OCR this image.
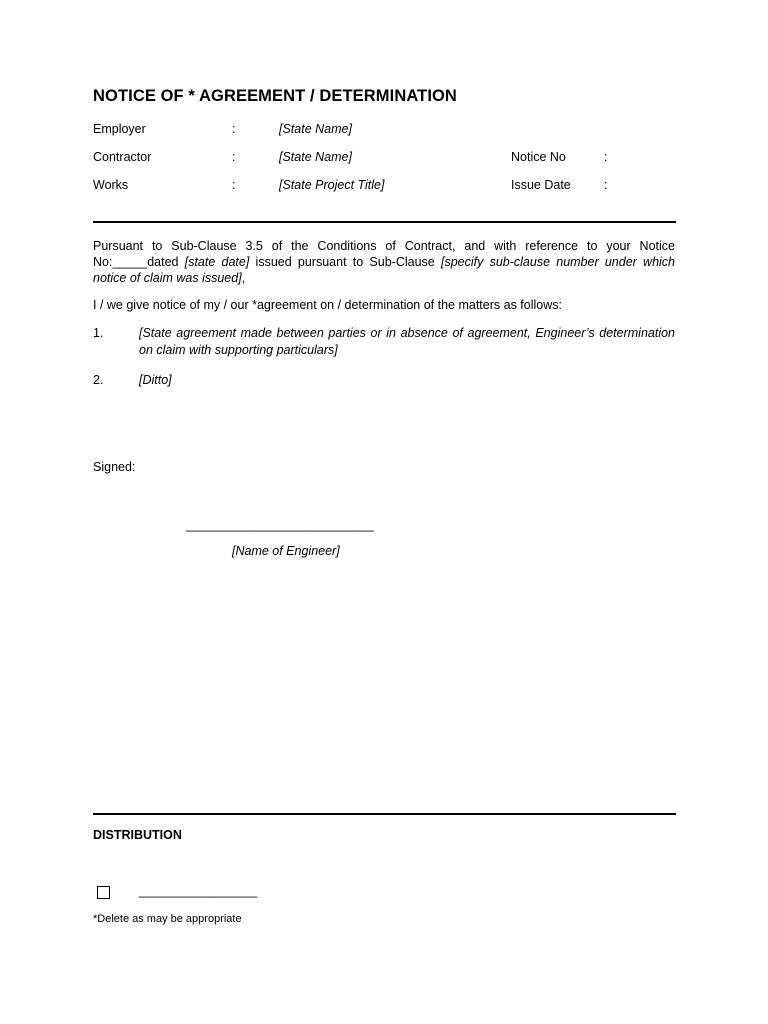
NOTICE OF * AGREEMENT / DETERMINATION
Employer	:	[State Name]
Contractor	:	[State Name]	Notice No	:
Works	:	[State Project Title]	Issue Date	:
Pursuant to Sub-Clause 3.5 of the Conditions of Contract, and with reference to your Notice No:_____dated [state date] issued pursuant to Sub-Clause [specify sub-clause number under which notice of claim was issued],
I / we give notice of my / our *agreement on / determination of the matters as follows:
1.	[State agreement made between parties or in absence of agreement, Engineer’s determination on claim with supporting particulars]
2.	[Ditto]
Signed:
___________________________
[Name of Engineer]
DISTRIBUTION
_________________
*Delete as may be appropriate
